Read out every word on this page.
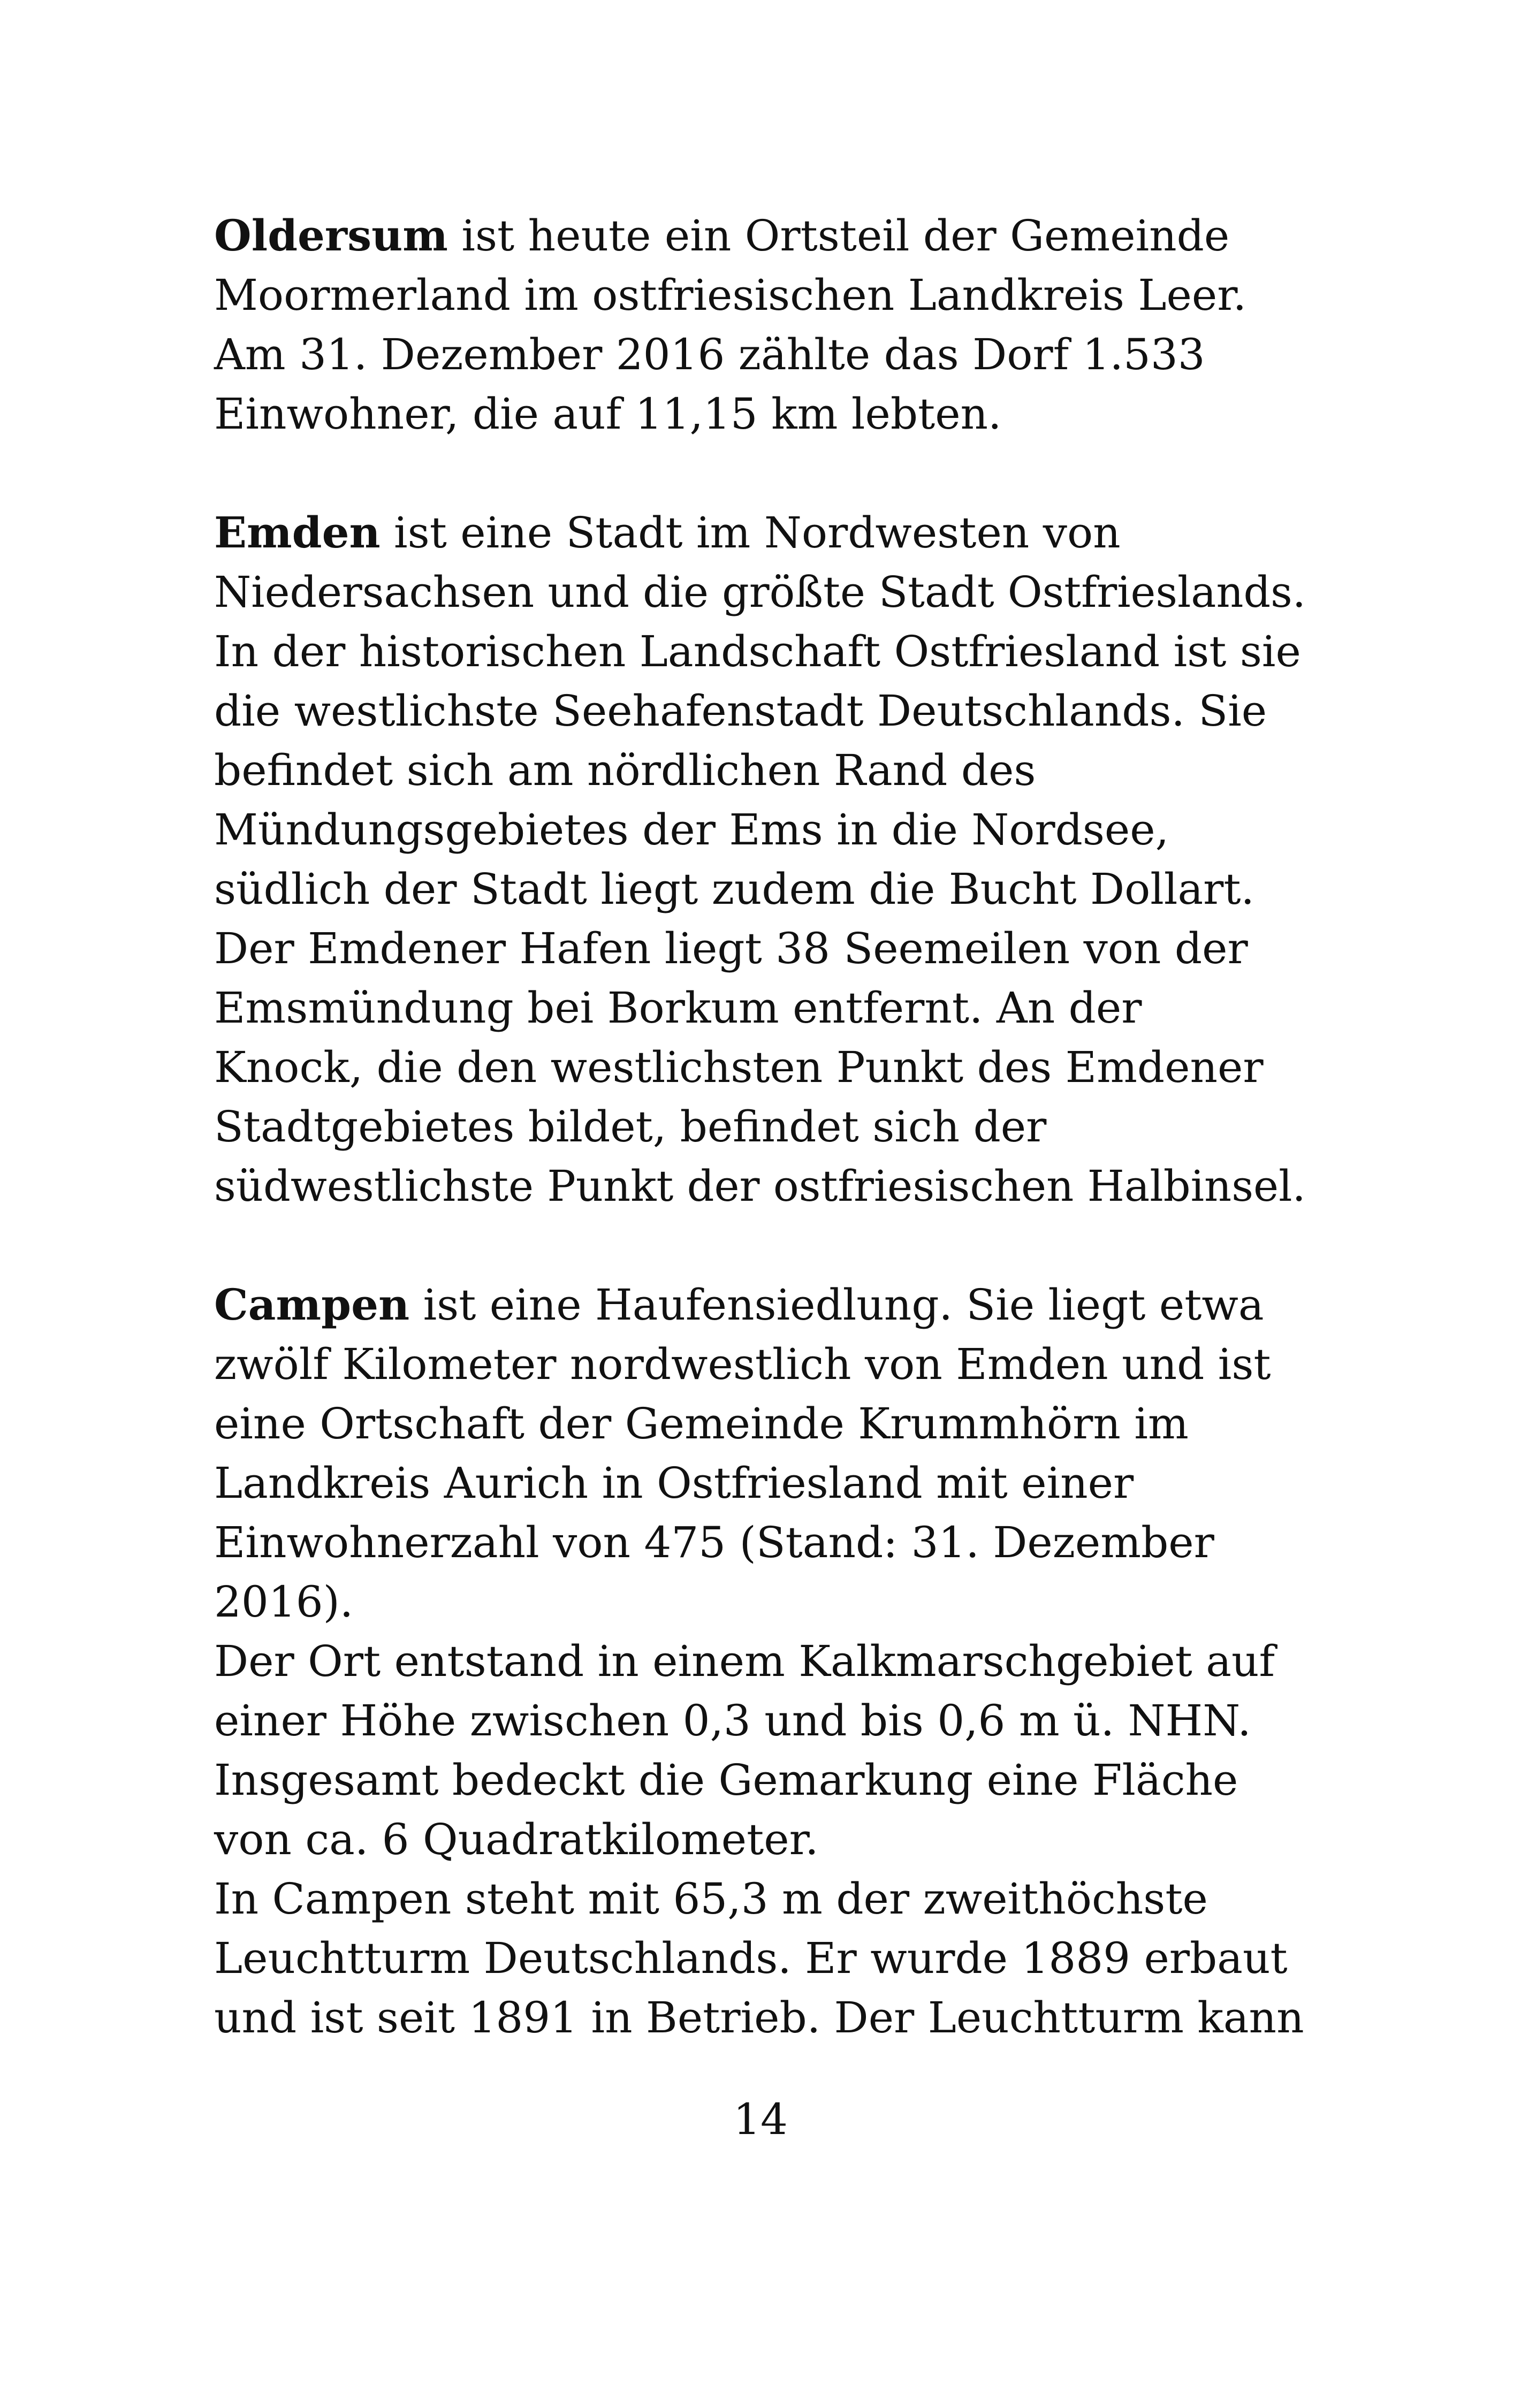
Oldersum ist heute ein Ortsteil der Gemeinde
Moormerland im ostfriesischen Landkreis Leer.
Am 31. Dezember 2016 zählte das Dorf 1.533
Einwohner, die auf 11,15 km lebten.

Emden ist eine Stadt im Nordwesten von
Niedersachsen und die größte Stadt Ostfrieslands.
In der historischen Landschaft Ostfriesland ist sie
die westlichste Seehafenstadt Deutschlands. Sie
befindet sich am nördlichen Rand des
Mündungsgebietes der Ems in die Nordsee,
südlich der Stadt liegt zudem die Bucht Dollart.
Der Emdener Hafen liegt 38 Seemeilen von der
Emsmündung bei Borkum entfernt. An der
Knock, die den westlichsten Punkt des Emdener
Stadtgebietes bildet, befindet sich der
südwestlichste Punkt der ostfriesischen Halbinsel.

Campen ist eine Haufensiedlung. Sie liegt etwa
zwölf Kilometer nordwestlich von Emden und ist
eine Ortschaft der Gemeinde Krummhörn im
Landkreis Aurich in Ostfriesland mit einer
Einwohnerzahl von 475 (Stand: 31. Dezember
2016).
Der Ort entstand in einem Kalkmarschgebiet auf
einer Höhe zwischen 0,3 und bis 0,6 m ü. NHN.
Insgesamt bedeckt die Gemarkung eine Fläche
von ca. 6 Quadratkilometer.
In Campen steht mit 65,3 m der zweithöchste
Leuchtturm Deutschlands. Er wurde 1889 erbaut
und ist seit 1891 in Betrieb. Der Leuchtturm kann

14
